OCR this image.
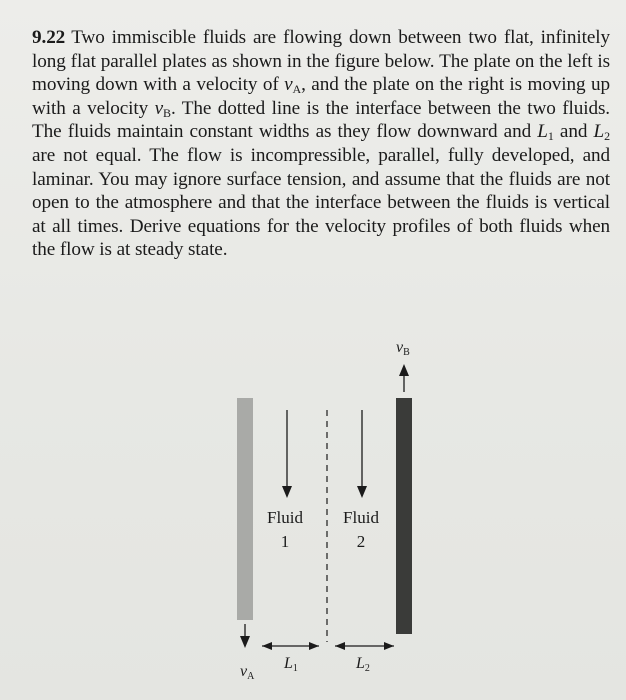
9.22 Two immiscible fluids are flowing down between two flat, infinitely long flat parallel plates as shown in the figure below. The plate on the left is moving down with a velocity of $v_A$, and the plate on the right is moving up with a velocity $v_B$. The dotted line is the interface between the two fluids. The fluids maintain constant widths as they flow downward and $L_1$ and $L_2$ are not equal. The flow is incompressible, parallel, fully developed, and laminar. You may ignore surface tension, and assume that the fluids are not open to the atmosphere and that the interface between the fluids is vertical at all times. Derive equations for the velocity profiles of both fluids when the flow is at steady state.
Fluid
1
Fluid
2
vB
vA
L1	L2
